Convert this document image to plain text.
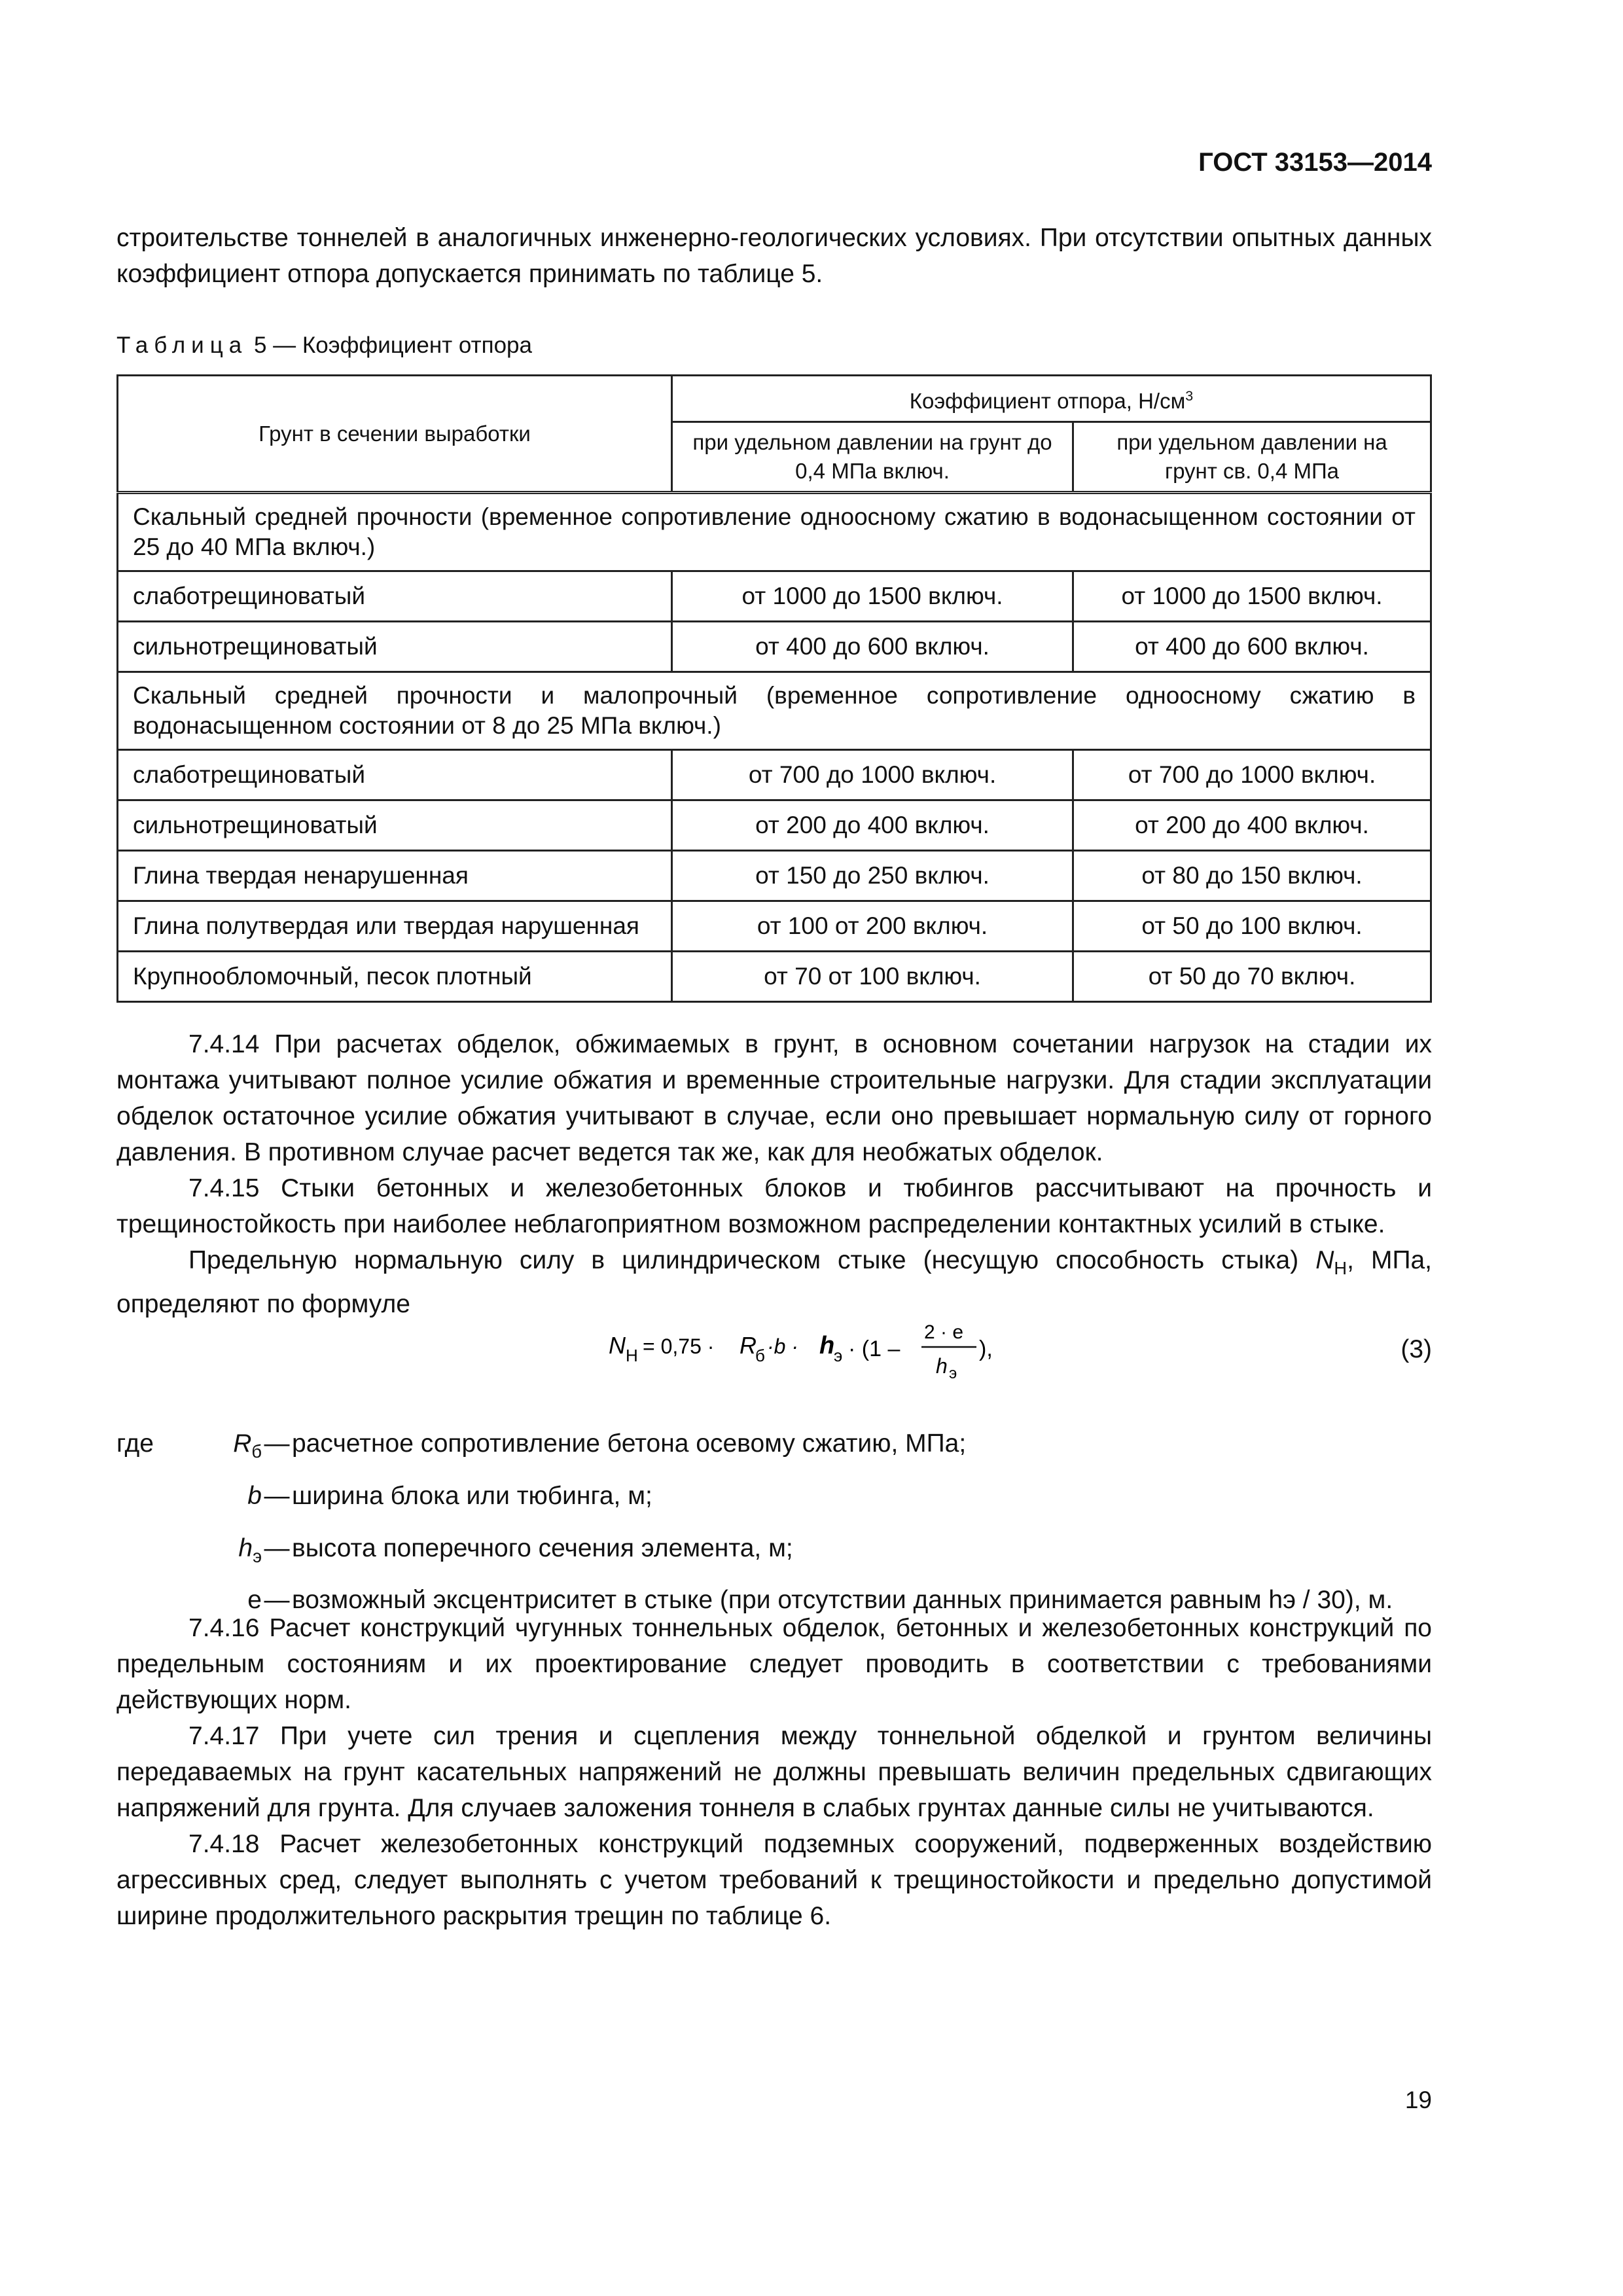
ГОСТ 33153—2014

строительстве тоннелей в аналогичных инженерно-геологических условиях. При отсутствии опытных данных коэффициент отпора допускается принимать по таблице 5.

Таблица 5 — Коэффициент отпора
Грунт в сечении выработки	Коэффициент отпора, $Н/см^3$
	при удельном давлении на грунт до 0,4 МПа включ.	при удельном давлении на грунт св. 0,4 МПа
Скальный средней прочности (временное сопротивление одноосному сжатию в водонасыщенном состоянии от 25 до 40 МПа включ.)		
слаботрещиноватый	от 1000 до 1500 включ.	от 1000 до 1500 включ.
сильнотрещиноватый	от 400 до 600 включ.	от 400 до 600 включ.
Скальный средней прочности и малопрочный (временное сопротивление одноосному сжатию в водонасыщенном состоянии от 8 до 25 МПа включ.)		
слаботрещиноватый	от 700 до 1000 включ.	от 700 до 1000 включ.
сильнотрещиноватый	от 200 до 400 включ.	от 200 до 400 включ.
Глина твердая ненарушенная	от 150 до 250 включ.	от 80 до 150 включ.
Глина полутвердая или твердая нарушенная	от 100 от 200 включ.	от 50 до 100 включ.
Крупнообломочный, песок плотный	от 70 от 100 включ.	от 50 до 70 включ.

7.4.14 При расчетах обделок, обжимаемых в грунт, в основном сочетании нагрузок на стадии их монтажа учитывают полное усилие обжатия и временные строительные нагрузки. Для стадии эксплуатации обделок остаточное усилие обжатия учитывают в случае, если оно превышает нормальную силу от горного давления. В противном случае расчет ведется так же, как для необжатых обделок.

7.4.15 Стыки бетонных и железобетонных блоков и тюбингов рассчитывают на прочность и трещиностойкость при наиболее неблагоприятном возможном распределении контактных усилий в стыке.

Предельную нормальную силу в цилиндрическом стыке (несущую способность стыка) $N_Н$, МПа, определяют по формуле

N Н = 0,75 · R
б ·b · h
э · (1 –
2 · e
h э
),	(3)
где	$R_б$ — расчетное сопротивление бетона осевому сжатию, МПа;
b — ширина блока или тюбинга, м;
$h_э$ — высота поперечного сечения элемента, м;
e — возможный эксцентриситет в стыке (при отсутствии данных принимается равным hэ / 30), м.

7.4.16 Расчет конструкций чугунных тоннельных обделок, бетонных и железобетонных конструкций по предельным состояниям и их проектирование следует проводить в соответствии с требованиями действующих норм.

7.4.17 При учете сил трения и сцепления между тоннельной обделкой и грунтом величины передаваемых на грунт касательных напряжений не должны превышать величин предельных сдвигающих напряжений для грунта. Для случаев заложения тоннеля в слабых грунтах данные силы не учитываются.

7.4.18 Расчет железобетонных конструкций подземных сооружений, подверженных воздействию агрессивных сред, следует выполнять с учетом требований к трещиностойкости и предельно допустимой ширине продолжительного раскрытия трещин по таблице 6.

19
